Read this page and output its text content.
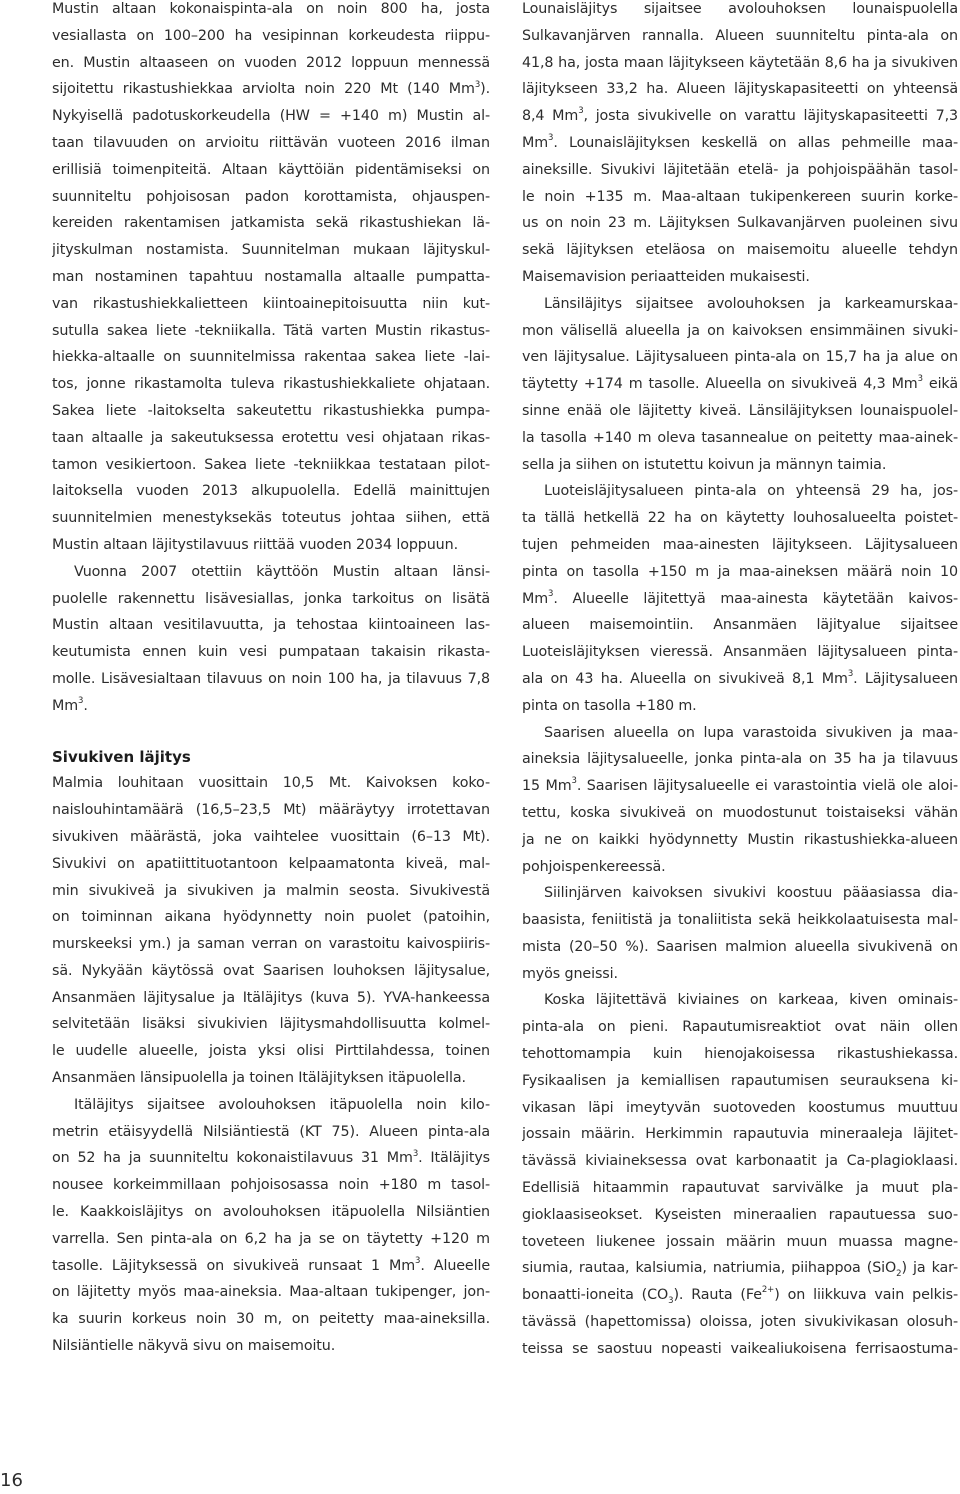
Mustin altaan kokonaispinta-ala on noin 800 ha, josta
vesiallasta on 100–200 ha vesipinnan korkeudesta riippu-
en. Mustin altaaseen on vuoden 2012 loppuun mennessä
sijoitettu rikastushiekkaa arviolta noin 220 Mt (140 Mm$^3$).
Nykyisellä padotuskorkeudella (HW = +140 m) Mustin al-
taan tilavuuden on arvioitu riittävän vuoteen 2016 ilman
erillisiä toimenpiteitä. Altaan käyttöiän pidentämiseksi on
suunniteltu pohjoisosan padon korottamista, ohjauspen-
kereiden rakentamisen jatkamista sekä rikastushiekan lä-
jityskulman nostamista. Suunnitelman mukaan läjityskul-
man nostaminen tapahtuu nostamalla altaalle pumpatta-
van rikastushiekkalietteen kiintoainepitoisuutta niin kut-
sutulla sakea liete -tekniikalla. Tätä varten Mustin rikastus-
hiekka-altaalle on suunnitelmissa rakentaa sakea liete -lai-
tos, jonne rikastamolta tuleva rikastushiekkaliete ohjataan.
Sakea liete -laitokselta sakeutettu rikastushiekka pumpa-
taan altaalle ja sakeutuksessa erotettu vesi ohjataan rikas-
tamon vesikiertoon. Sakea liete -tekniikkaa testataan pilot-
laitoksella vuoden 2013 alkupuolella. Edellä mainittujen
suunnitelmien menestyksekäs toteutus johtaa siihen, että
Mustin altaan läjitystilavuus riittää vuoden 2034 loppuun.
Vuonna 2007 otettiin käyttöön Mustin altaan länsi-
puolelle rakennettu lisävesiallas, jonka tarkoitus on lisätä
Mustin altaan vesitilavuutta, ja tehostaa kiintoaineen las-
keutumista ennen kuin vesi pumpataan takaisin rikasta-
molle. Lisävesialtaan tilavuus on noin 100 ha, ja tilavuus 7,8
Mm$^3$.
Sivukiven läjitys
Malmia louhitaan vuosittain 10,5 Mt. Kaivoksen koko-
naislouhintamäärä (16,5–23,5 Mt) määräytyy irrotettavan
sivukiven määrästä, joka vaihtelee vuosittain (6–13 Mt).
Sivukivi on apatiittituotantoon kelpaamatonta kiveä, mal-
min sivukiveä ja sivukiven ja malmin seosta. Sivukivestä
on toiminnan aikana hyödynnetty noin puolet (patoihin,
murskeeksi ym.) ja saman verran on varastoitu kaivospiiris-
sä. Nykyään käytössä ovat Saarisen louhoksen läjitysalue,
Ansanmäen läjitysalue ja Itäläjitys (kuva 5). YVA-hankeessa
selvitetään lisäksi sivukivien läjitysmahdollisuutta kolmel-
le uudelle alueelle, joista yksi olisi Pirttilahdessa, toinen
Ansanmäen länsipuolella ja toinen Itäläjityksen itäpuolella.
Itäläjitys sijaitsee avolouhoksen itäpuolella noin kilo-
metrin etäisyydellä Nilsiäntiestä (KT 75). Alueen pinta-ala
on 52 ha ja suunniteltu kokonaistilavuus 31 Mm$^3$. Itäläjitys
nousee korkeimmillaan pohjoisosassa noin +180 m tasol-
le. Kaakkoisläjitys on avolouhoksen itäpuolella Nilsiäntien
varrella. Sen pinta-ala on 6,2 ha ja se on täytetty +120 m
tasolle. Läjityksessä on sivukiveä runsaat 1 Mm$^3$. Alueelle
on läjitetty myös maa-aineksia. Maa-altaan tukipenger, jon-
ka suurin korkeus noin 30 m, on peitetty maa-aineksilla.
Nilsiäntielle näkyvä sivu on maisemoitu.
Lounaisläjitys sijaitsee avolouhoksen lounaispuolella
Sulkavanjärven rannalla. Alueen suunniteltu pinta-ala on
41,8 ha, josta maan läjitykseen käytetään 8,6 ha ja sivukiven
läjitykseen 33,2 ha. Alueen läjityskapasiteetti on yhteensä
8,4 Mm$^3$, josta sivukivelle on varattu läjityskapasiteetti 7,3
Mm$^3$. Lounaisläjityksen keskellä on allas pehmeille maa-
aineksille. Sivukivi läjitetään etelä- ja pohjoispäähän tasol-
le noin +135 m. Maa-altaan tukipenkereen suurin korke-
us on noin 23 m. Läjityksen Sulkavanjärven puoleinen sivu
sekä läjityksen eteläosa on maisemoitu alueelle tehdyn
Maisemavision periaatteiden mukaisesti.
Länsiläjitys sijaitsee avolouhoksen ja karkeamurskaa-
mon välisellä alueella ja on kaivoksen ensimmäinen sivuki-
ven läjitysalue. Läjitysalueen pinta-ala on 15,7 ha ja alue on
täytetty +174 m tasolle. Alueella on sivukiveä 4,3 Mm$^3$ eikä
sinne enää ole läjitetty kiveä. Länsiläjityksen lounaispuolel-
la tasolla +140 m oleva tasannealue on peitetty maa-ainek-
sella ja siihen on istutettu koivun ja männyn taimia.
Luoteisläjitysalueen pinta-ala on yhteensä 29 ha, jos-
ta tällä hetkellä 22 ha on käytetty louhosalueelta poistet-
tujen pehmeiden maa-ainesten läjitykseen. Läjitysalueen
pinta on tasolla +150 m ja maa-aineksen määrä noin 10
Mm$^3$. Alueelle läjitettyä maa-ainesta käytetään kaivos-
alueen maisemointiin. Ansanmäen läjityalue sijaitsee
Luoteisläjityksen vieressä. Ansanmäen läjitysalueen pinta-
ala on 43 ha. Alueella on sivukiveä 8,1 Mm$^3$. Läjitysalueen
pinta on tasolla +180 m.
Saarisen alueella on lupa varastoida sivukiven ja maa-
aineksia läjitysalueelle, jonka pinta-ala on 35 ha ja tilavuus
15 Mm$^3$. Saarisen läjitysalueelle ei varastointia vielä ole aloi-
tettu, koska sivukiveä on muodostunut toistaiseksi vähän
ja ne on kaikki hyödynnetty Mustin rikastushiekka-alueen
pohjoispenkereessä.
Siilinjärven kaivoksen sivukivi koostuu pääasiassa dia-
baasista, feniitistä ja tonaliitista sekä heikkolaatuisesta mal-
mista (20–50 %). Saarisen malmion alueella sivukivenä on
myös gneissi.
Koska läjitettävä kiviaines on karkeaa, kiven ominais-
pinta-ala on pieni. Rapautumisreaktiot ovat näin ollen
tehottomampia kuin hienojakoisessa rikastushiekassa.
Fysikaalisen ja kemiallisen rapautumisen seurauksena ki-
vikasan läpi imeytyvän suotoveden koostumus muuttuu
jossain määrin. Herkimmin rapautuvia mineraaleja läjitet-
tävässä kiviaineksessa ovat karbonaatit ja Ca-plagioklaasi.
Edellisiä hitaammin rapautuvat sarvivälke ja muut pla-
gioklaasiseokset. Kyseisten mineraalien rapautuessa suo-
toveteen liukenee jossain määrin muun muassa magne-
siumia, rautaa, kalsiumia, natriumia, piihappoa (SiO$_2$) ja kar-
bonaatti-ioneita $(CO_3)$. Rauta $(Fe^{2+})$ on liikkuva vain pelkis-
tävässä (hapettomissa) oloissa, joten sivukivikasan olosuh-
teissa se saostuu nopeasti vaikealiukoisena ferrisaostuma-
16
